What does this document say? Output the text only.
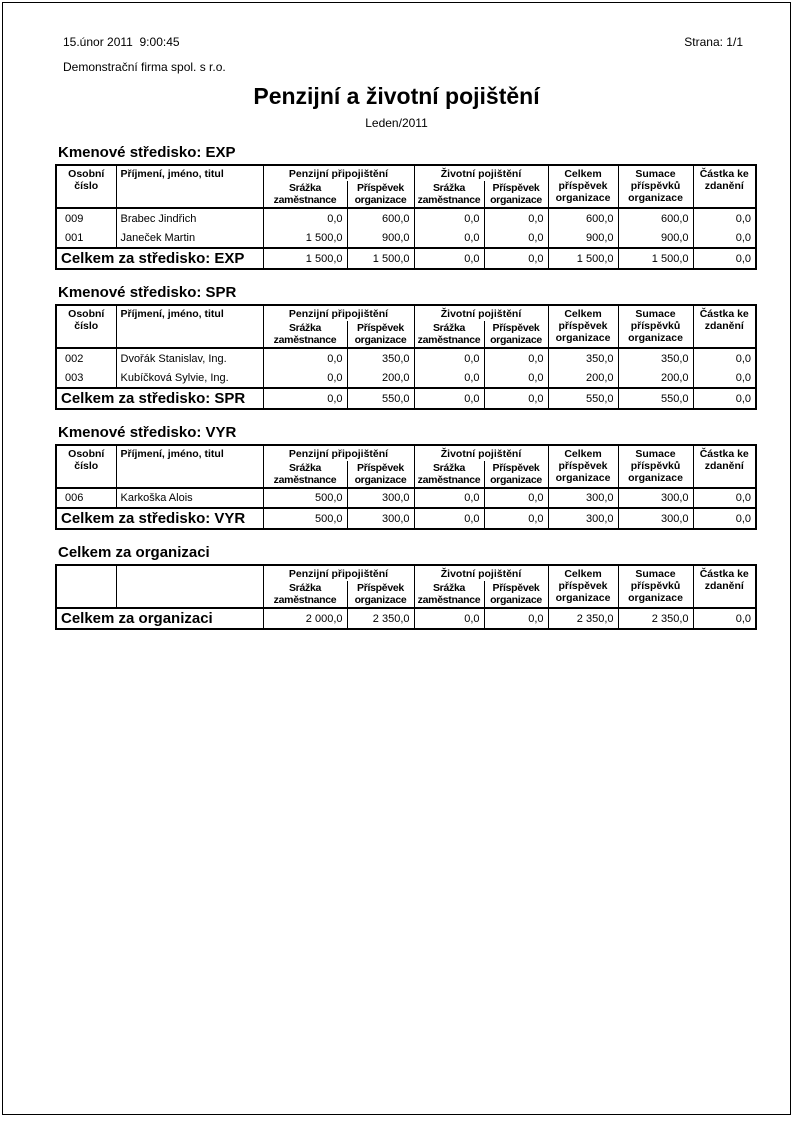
15.únor 2011  9:00:45
Demonstrační firma spol. s r.o.
Strana: 1/1
Penzijní a životní pojištění
Leden/2011
Kmenové středisko: EXP
Osobní číslo	Příjmení, jméno, titul	Penzijní připojištění		Životní pojištění		Celkem příspěvek organizace	Sumace příspěvků organizace	Částka ke zdanění
		Srážka zaměstnance	Příspěvek organizace	Srážka zaměstnance	Příspěvek organizace			
009	Brabec Jindřich	0,0	600,0	0,0	0,0	600,0	600,0	0,0
001	Janeček Martin	1 500,0	900,0	0,0	0,0	900,0	900,0	0,0
Celkem za středisko: EXP		1 500,0	1 500,0	0,0	0,0	1 500,0	1 500,0	0,0
Kmenové středisko: SPR
Osobní číslo	Příjmení, jméno, titul	Penzijní připojištění		Životní pojištění		Celkem příspěvek organizace	Sumace příspěvků organizace	Částka ke zdanění
		Srážka zaměstnance	Příspěvek organizace	Srážka zaměstnance	Příspěvek organizace			
002	Dvořák Stanislav, Ing.	0,0	350,0	0,0	0,0	350,0	350,0	0,0
003	Kubíčková Sylvie, Ing.	0,0	200,0	0,0	0,0	200,0	200,0	0,0
Celkem za středisko: SPR		0,0	550,0	0,0	0,0	550,0	550,0	0,0
Kmenové středisko: VYR
Osobní číslo	Příjmení, jméno, titul	Penzijní připojištění		Životní pojištění		Celkem příspěvek organizace	Sumace příspěvků organizace	Částka ke zdanění
		Srážka zaměstnance	Příspěvek organizace	Srážka zaměstnance	Příspěvek organizace			
006	Karkoška Alois	500,0	300,0	0,0	0,0	300,0	300,0	0,0
Celkem za středisko: VYR		500,0	300,0	0,0	0,0	300,0	300,0	0,0
Celkem za organizaci
		Penzijní připojištění		Životní pojištění		Celkem příspěvek organizace	Sumace příspěvků organizace	Částka ke zdanění
		Srážka zaměstnance	Příspěvek organizace	Srážka zaměstnance	Příspěvek organizace			
Celkem za organizaci		2 000,0	2 350,0	0,0	0,0	2 350,0	2 350,0	0,0
